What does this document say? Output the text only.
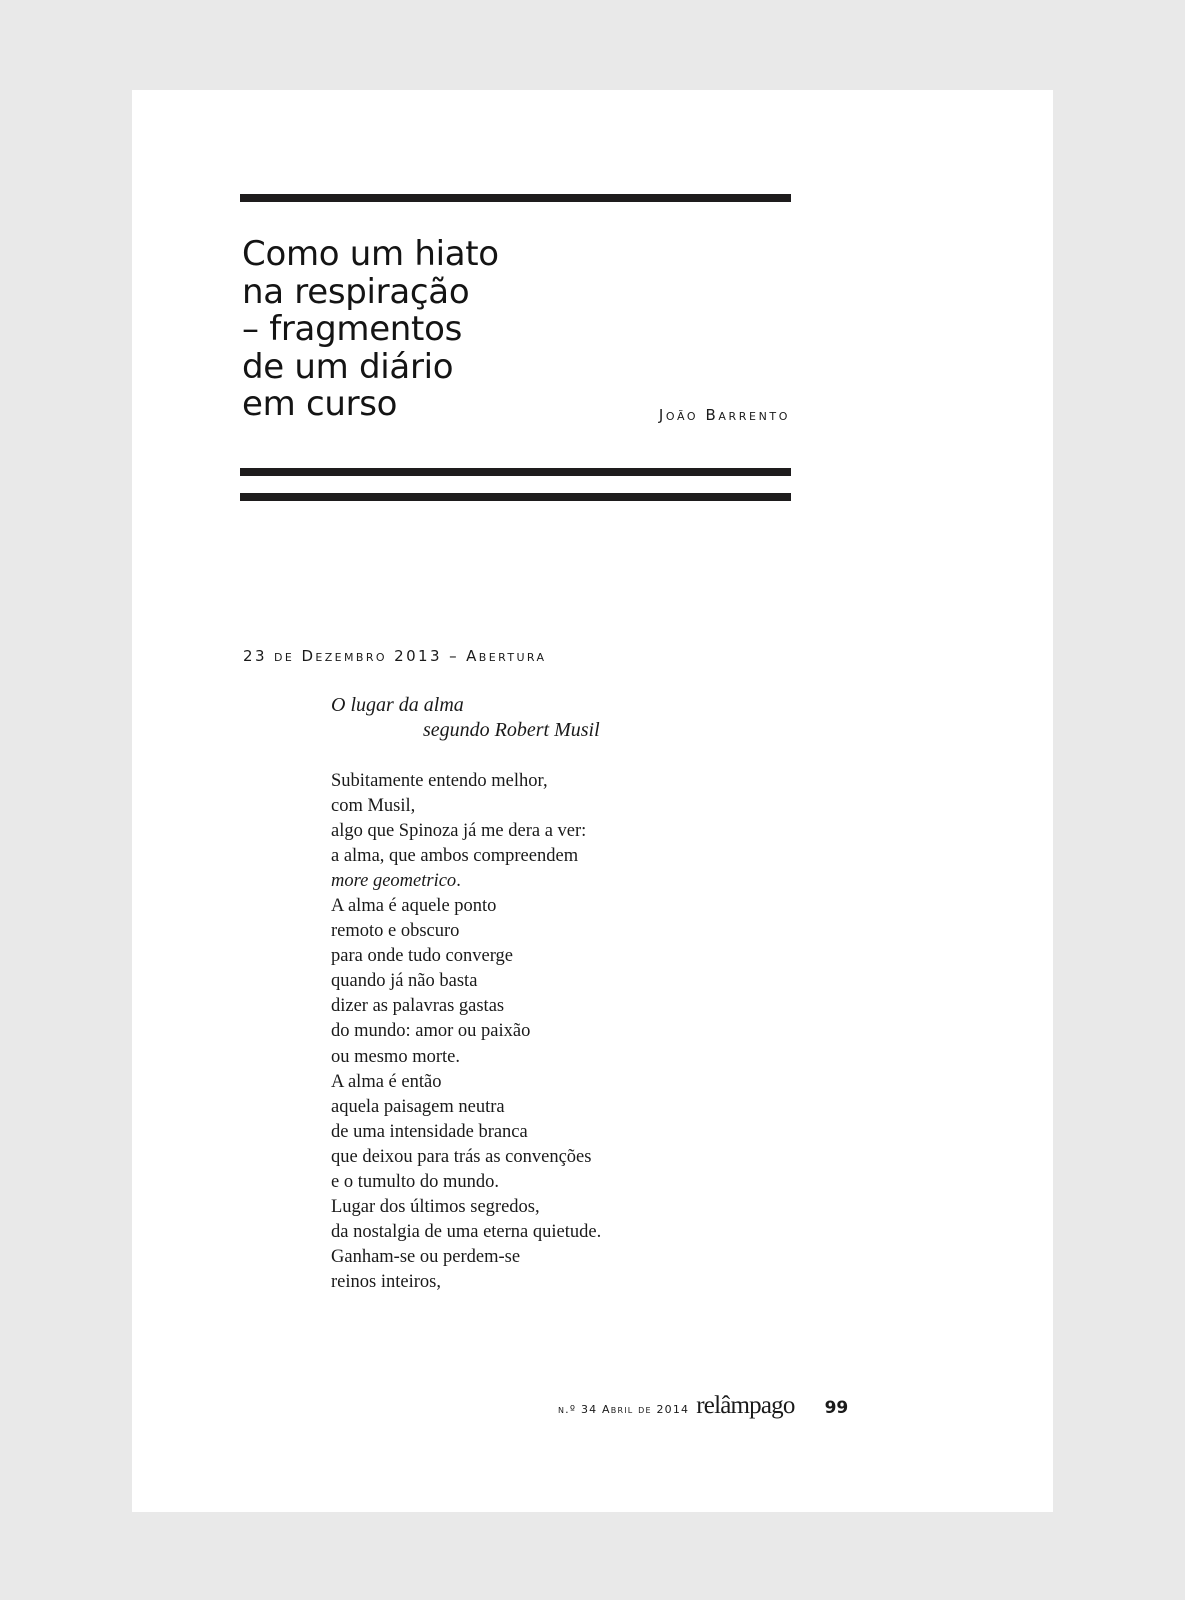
Como um hiato
na respiração
– fragmentos
de um diário
em curso	João Barrento
23 de Dezembro 2013 – Abertura
O lugar da alma
segundo Robert Musil
Subitamente entendo melhor,
com Musil,
algo que Spinoza já me dera a ver:
a alma, que ambos compreendem
more geometrico.
A alma é aquele ponto
remoto e obscuro
para onde tudo converge
quando já não basta
dizer as palavras gastas
do mundo: amor ou paixão
ou mesmo morte.
A alma é então
aquela paisagem neutra
de uma intensidade branca
que deixou para trás as convenções
e o tumulto do mundo.
Lugar dos últimos segredos,
da nostalgia de uma eterna quietude.
Ganham-se ou perdem-se
reinos inteiros,
n.º 34 Abril de 2014 relâmpago 99
